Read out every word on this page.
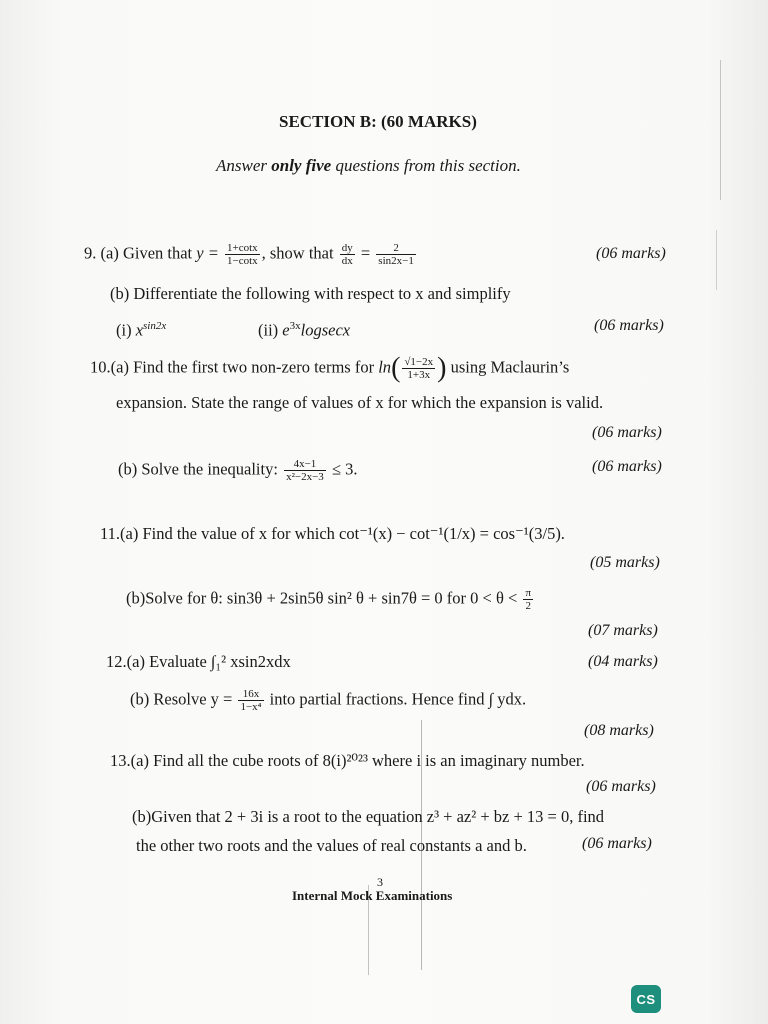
SECTION B: (60 MARKS)
Answer only five questions from this section.
9. (a) Given that $y = \frac{1+\cot x}{1-\cot x}$ , show that $\frac{dy}{dx} = \frac{2}{\sin 2x-1}$	(06 marks)
(b) Differentiate the following with respect to x and simplify
(i) $x^{sin2x}$	(ii) $e^{3x}logsecx$	(06 marks)
10.(a) Find the first two non-zero terms for $\ln( \frac{√1-2x}{1+3x}$ ) using Maclaurin’s
expansion. State the range of values of x for which the expansion is valid.
(06 marks)
(b) Solve the inequality: $\frac{4x-1}{\text{x²−2x−3}} \le 3$.	(06 marks)
11.(a) Find the value of x for which cot⁻¹(x) − cot⁻¹(1/x) = cos⁻¹(3/5).
(05 marks)
(b)Solve for θ: sin3θ + 2sin5θ sin² θ + sin7θ = 0 for $0 < \theta < \frac{\pi}{2}$
(07 marks)
12.(a) Evaluate ∫₁² xsin2xdx	(04 marks)
(b) Resolve $y = \frac{16x}{\text{1−x⁴}}$ into partial fractions. Hence find ∫ ydx.
(08 marks)
13.(a) Find all the cube roots of 8(i)²⁰²³ where i is an imaginary number.
(06 marks)
(b)Given that 2 + 3i is a root to the equation z³ + az² + bz + 13 = 0, find
the other two roots and the values of real constants a and b.	(06 marks)
3
Internal Mock Examinations
CS
